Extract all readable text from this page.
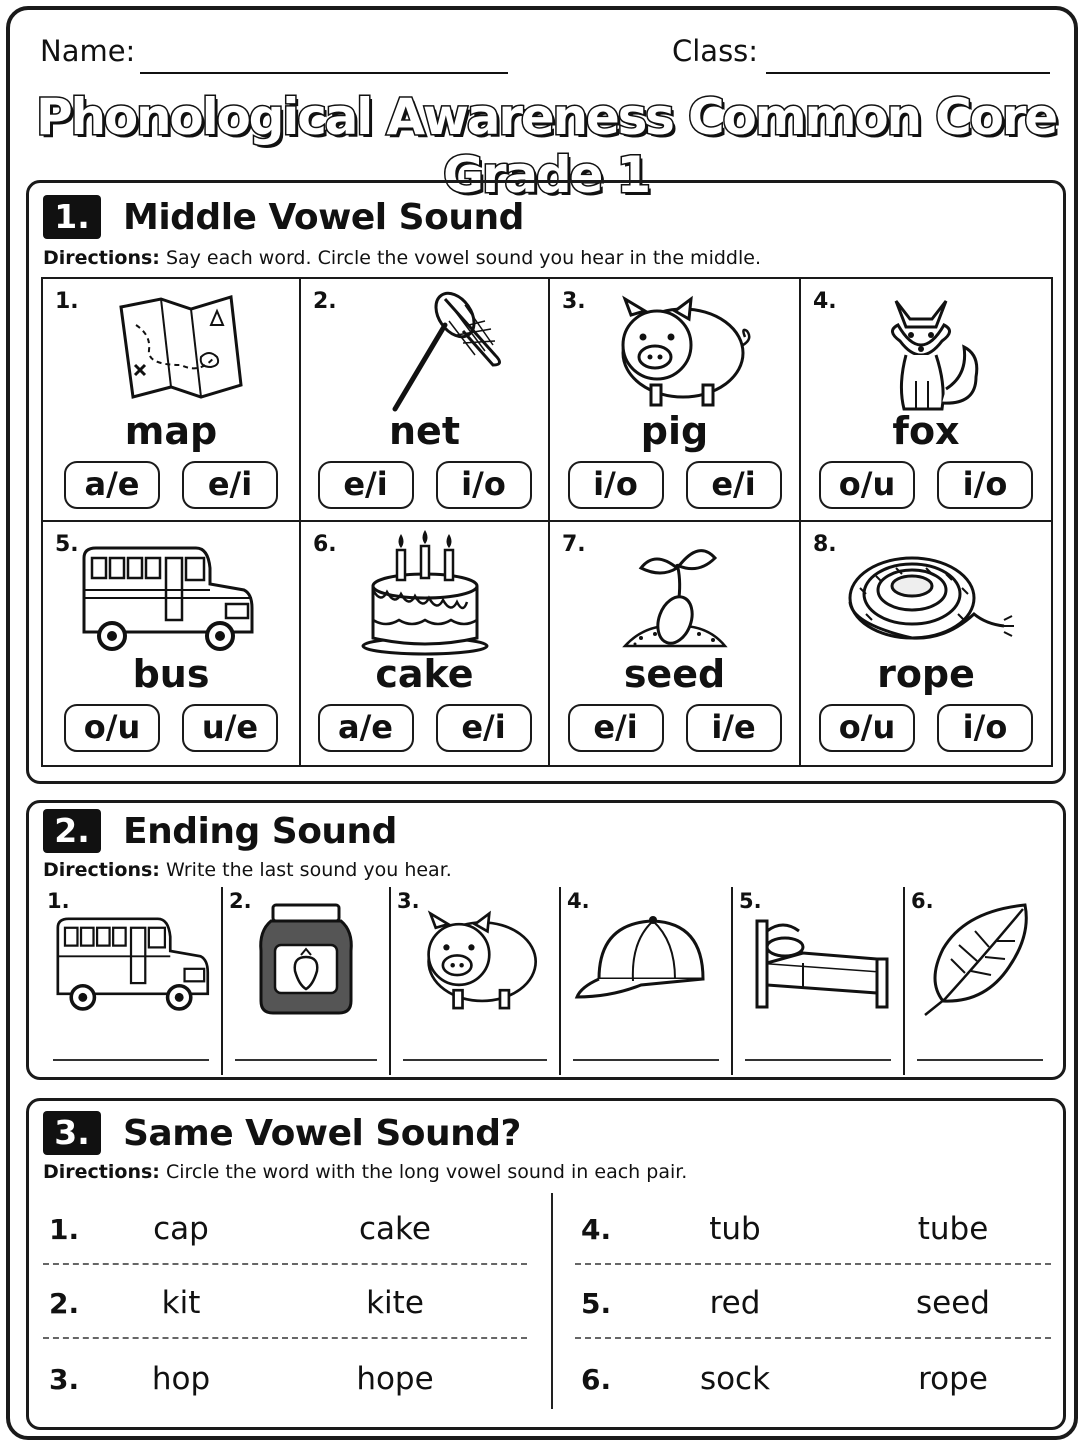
Name:	Class:
Phonological Awareness Common Core Grade 1
1. Middle Vowel Sound
Directions: Say each word. Circle the vowel sound you hear in the middle.
1.
map
a/e	e/i
2.
net
e/i	i/o
3.
pig
i/o	e/i
4.
fox
o/u	i/o
5.
bus
o/u	u/e
6.
cake
a/e	e/i
7.
seed
e/i	i/e
8.
rope
o/u	i/o
2. Ending Sound
Directions: Write the last sound you hear.
1.	2.	3.	4.	5.	6.
3. Same Vowel Sound?
Directions: Circle the word with the long vowel sound in each pair.
1.	cap	cake
2.	kit	kite
3.	hop	hope
4.	tub	tube
5.	red	seed
6.	sock	rope
